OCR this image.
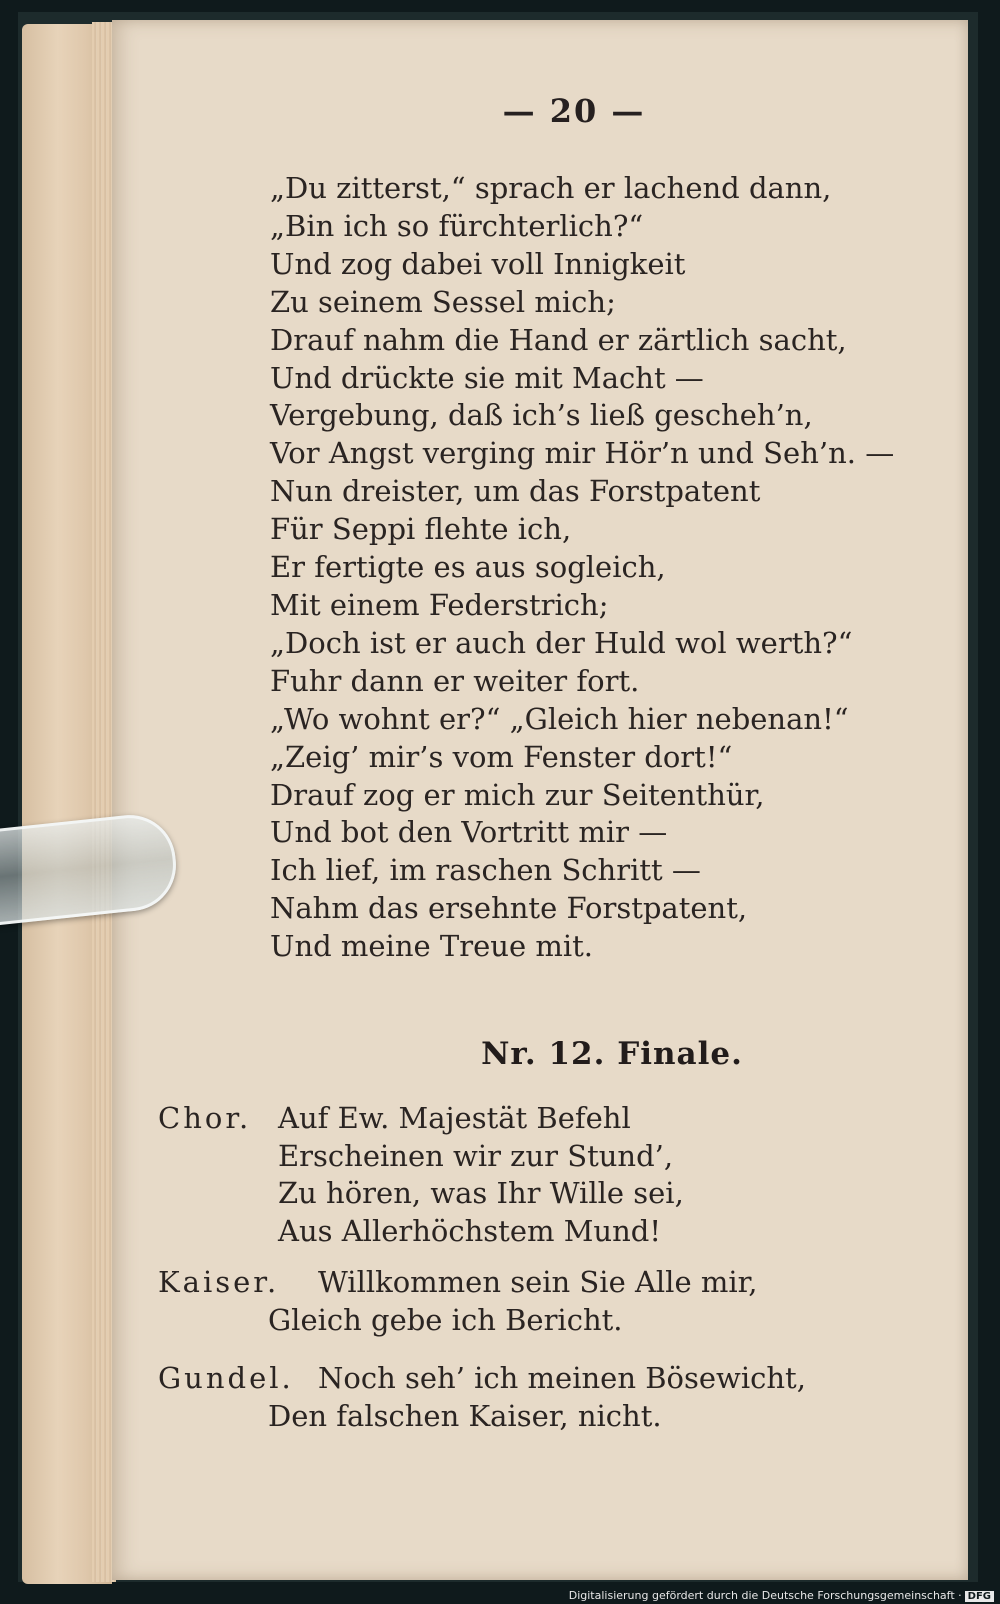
— 20 —
„Du zitterst,“ sprach er lachend dann,
„Bin ich so fürchterlich?“
Und zog dabei voll Innigkeit
Zu seinem Sessel mich;
Drauf nahm die Hand er zärtlich sacht,
Und drückte sie mit Macht —
Vergebung, daß ich’s ließ gescheh’n,
Vor Angst verging mir Hör’n und Seh’n. —
Nun dreister, um das Forstpatent
Für Seppi flehte ich,
Er fertigte es aus sogleich,
Mit einem Federstrich;
„Doch ist er auch der Huld wol werth?“
Fuhr dann er weiter fort.
„Wo wohnt er?“ „Gleich hier nebenan!“
„Zeig’ mir’s vom Fenster dort!“
Drauf zog er mich zur Seitenthür,
Und bot den Vortritt mir —
Ich lief, im raschen Schritt —
Nahm das ersehnte Forstpatent,
Und meine Treue mit.
Nr. 12. Finale.
Chor. Auf Ew. Majestät Befehl
Erscheinen wir zur Stund’,
Zu hören, was Ihr Wille sei,
Aus Allerhöchstem Mund!
Kaiser. Willkommen sein Sie Alle mir,
Gleich gebe ich Bericht.
Gundel. Noch seh’ ich meinen Bösewicht,
Den falschen Kaiser, nicht.
Digitalisierung gefördert durch die Deutsche Forschungsgemeinschaft · DFG
